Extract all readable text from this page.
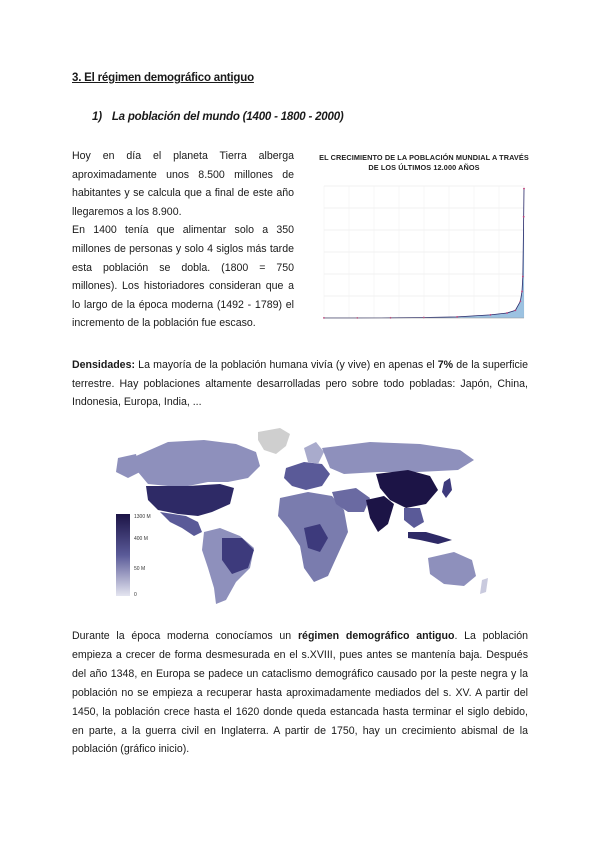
3. El régimen demográfico antiguo
1) La población del mundo (1400 - 1800 - 2000)

Hoy en día el planeta Tierra alberga aproximadamente unos 8.500 millones de habitantes y se calcula que a final de este año llegaremos a los 8.900.

En 1400 tenía que alimentar solo a 350 millones de personas y solo 4 siglos más tarde esta población se dobla. (1800 = 750 millones). Los historiadores consideran que a lo largo de la época moderna (1492 - 1789) el incremento de la población fue escaso.

EL CRECIMIENTO DE LA POBLACIÓN MUNDIAL A TRAVÉS DE LOS ÚLTIMOS 12.000 AÑOS

Densidades: La mayoría de la población humana vivía (y vive) en apenas el 7% de la superficie terrestre. Hay poblaciones altamente desarrolladas pero sobre todo pobladas: Japón, China, Indonesia, Europa, India, ...

1300 M
400 M
50 M
0

Durante la época moderna conocíamos un régimen demográfico antiguo. La población empieza a crecer de forma desmesurada en el s.XVIII, pues antes se mantenía baja. Después del año 1348, en Europa se padece un cataclismo demográfico causado por la peste negra y la población no se empieza a recuperar hasta aproximadamente mediados del s. XV. A partir del 1450, la población crece hasta el 1620 donde queda estancada hasta terminar el siglo debido, en parte, a la guerra civil en Inglaterra. A partir de 1750, hay un crecimiento abismal de la población (gráfico inicio).
